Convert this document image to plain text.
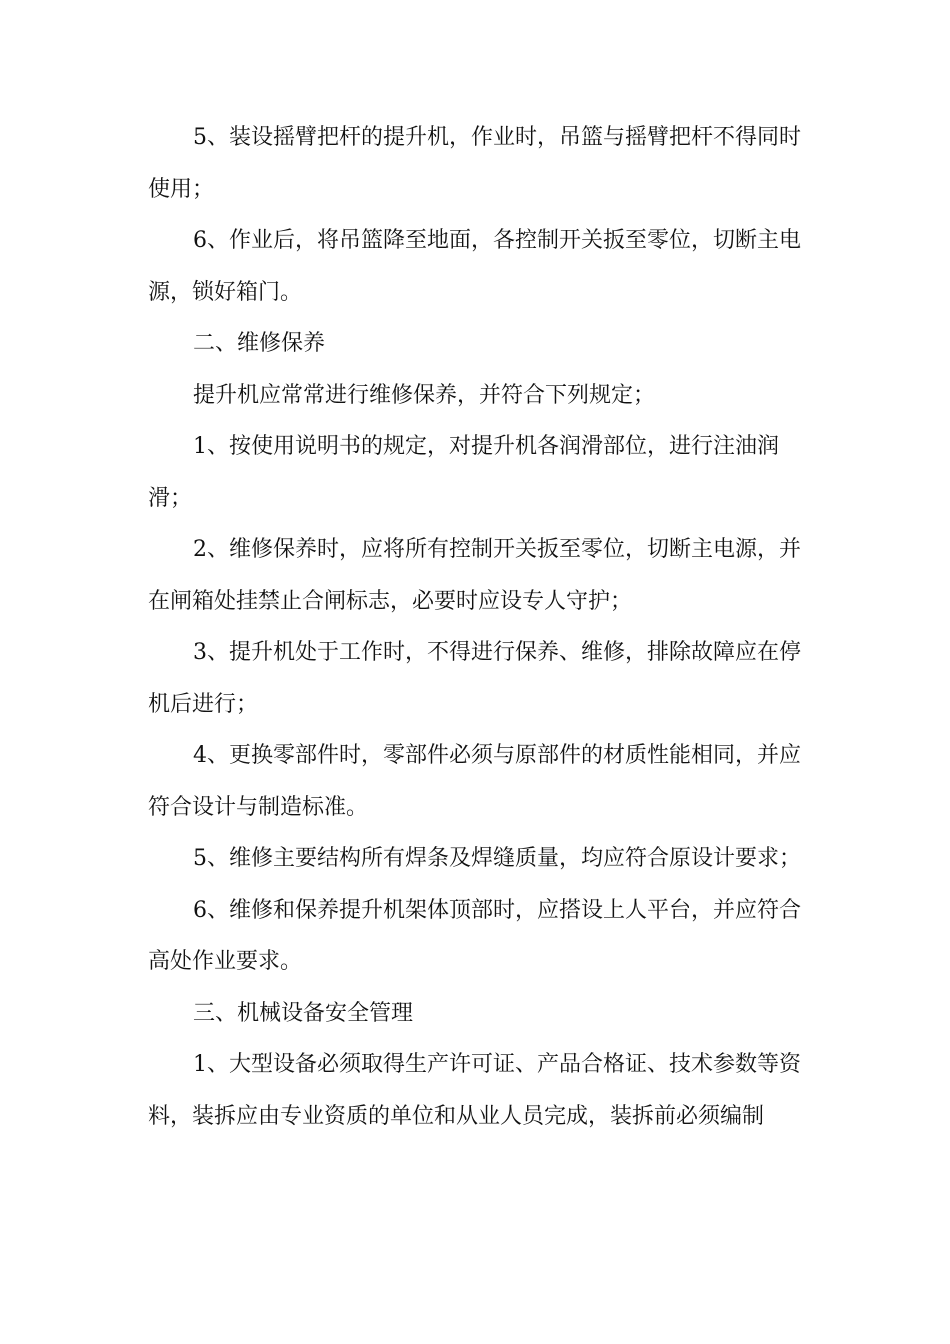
5、装设摇臂把杆的提升机，作业时，吊篮与摇臂把杆不得同时使用；

6、作业后，将吊篮降至地面，各控制开关扳至零位，切断主电源，锁好箱门。

二、维修保养

提升机应常常进行维修保养，并符合下列规定；

1、按使用说明书的规定，对提升机各润滑部位，进行注油润滑；

2、维修保养时，应将所有控制开关扳至零位，切断主电源，并在闸箱处挂禁止合闸标志，必要时应设专人守护；

3、提升机处于工作时，不得进行保养、维修，排除故障应在停机后进行；

4、更换零部件时，零部件必须与原部件的材质性能相同，并应符合设计与制造标准。

5、维修主要结构所有焊条及焊缝质量，均应符合原设计要求；

6、维修和保养提升机架体顶部时，应搭设上人平台，并应符合高处作业要求。

三、机械设备安全管理

1、大型设备必须取得生产许可证、产品合格证、技术参数等资料，装拆应由专业资质的单位和从业人员完成，装拆前必须编制
